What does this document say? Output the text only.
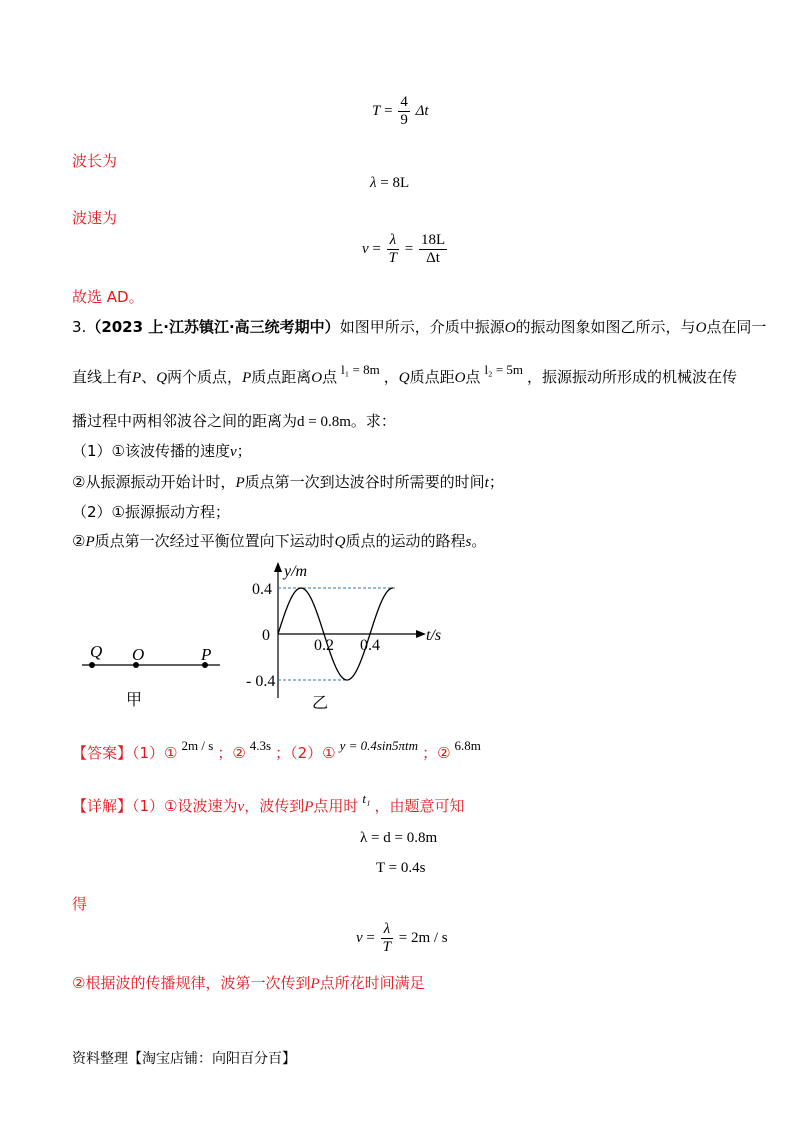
$T = \frac{4}{9}$ Δt
波长为
λ = 8L
波速为
$v = \frac{\lambda}{T} = \frac{18L}{\Delta t}$
故选 AD。
3.（2023 上·江苏镇江·高三统考期中）如图甲所示，介质中振源O的振动图象如图乙所示，与O点在同一
直线上有P、Q两个质点，P质点距离O点 l₁ = 8m ，Q质点距O点 l₂ = 5m ，振源振动所形成的机械波在传
播过程中两相邻波谷之间的距离为d = 0.8m。求：
（1）①该波传播的速度v；
②从振源振动开始计时，P质点第一次到达波谷时所需要的时间t；
（2）①振源振动方程；
②P质点第一次经过平衡位置向下运动时Q质点的运动的路程s。
Q O	P
甲
y/m
t/s
0
0.4
- 0.4
0.2 0.4
乙
【答案】（1）① 2m / s ；② 4.3s ；（2）① y = 0.4sin5πtm ；② 6.8m
【详解】（1）①设波速为v，波传到P点用时 t₁ ，由题意可知
λ = d = 0.8m
T = 0.4s
得
$v = \frac{\lambda}{T} = 2m / s$
②根据波的传播规律，波第一次传到P点所花时间满足
资料整理【淘宝店铺：向阳百分百】
